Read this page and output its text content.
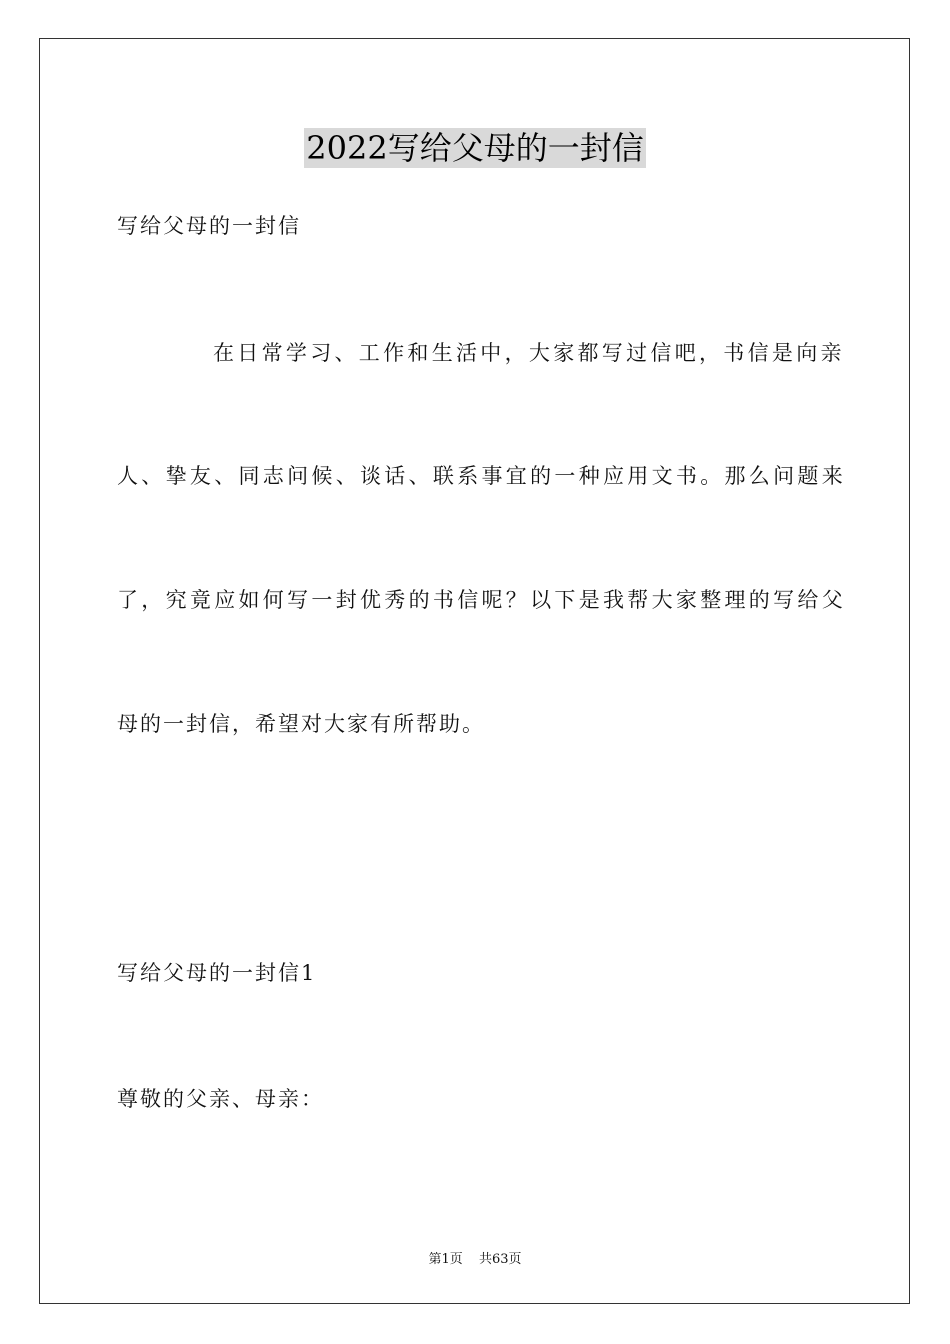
2022写给父母的一封信
写给父母的一封信
在日常学习、工作和生活中，大家都写过信吧，书信是向亲
人、挚友、同志问候、谈话、联系事宜的一种应用文书。那么问题来
了，究竟应如何写一封优秀的书信呢？以下是我帮大家整理的写给父
母的一封信，希望对大家有所帮助。
写给父母的一封信1
尊敬的父亲、母亲：
第1页 共63页
